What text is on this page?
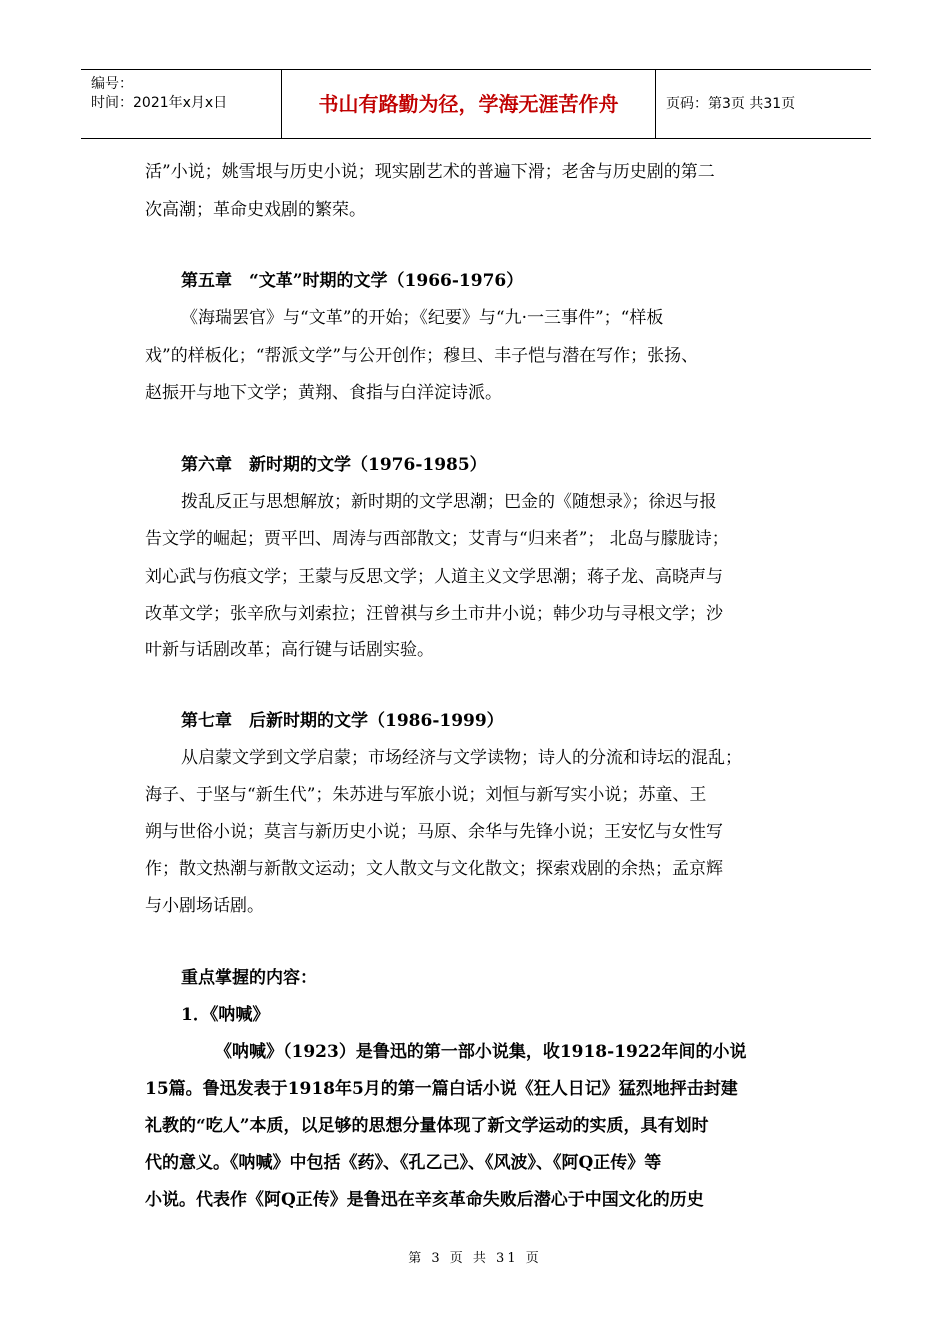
编号：
时间：2021年x月x日	书山有路勤为径，学海无涯苦作舟	页码：第3页 共31页
活”小说；姚雪垠与历史小说；现实剧艺术的普遍下滑；老舍与历史剧的第二
次高潮；革命史戏剧的繁荣。
第五章　“文革”时期的文学（1966-1976）
《海瑞罢官》与“文革”的开始；《纪要》与“九·一三事件”；“样板
戏”的样板化；“帮派文学”与公开创作；穆旦、丰子恺与潜在写作；张扬、
赵振开与地下文学；黄翔、食指与白洋淀诗派。
第六章　新时期的文学（1976-1985）
拨乱反正与思想解放；新时期的文学思潮；巴金的《随想录》；徐迟与报
告文学的崛起；贾平凹、周涛与西部散文；艾青与“归来者”； 北岛与朦胧诗；
刘心武与伤痕文学；王蒙与反思文学；人道主义文学思潮；蒋子龙、高晓声与
改革文学；张辛欣与刘索拉；汪曾祺与乡土市井小说；韩少功与寻根文学；沙
叶新与话剧改革；高行键与话剧实验。
第七章　后新时期的文学（1986-1999）
从启蒙文学到文学启蒙；市场经济与文学读物；诗人的分流和诗坛的混乱；
海子、于坚与“新生代”；朱苏进与军旅小说；刘恒与新写实小说；苏童、王
朔与世俗小说；莫言与新历史小说；马原、余华与先锋小说；王安忆与女性写
作；散文热潮与新散文运动；文人散文与文化散文；探索戏剧的余热；孟京辉
与小剧场话剧。
重点掌握的内容：
1．《呐喊》
《呐喊》（1923）是鲁迅的第一部小说集，收1918-1922年间的小说
15篇。鲁迅发表于1918年5月的第一篇白话小说《狂人日记》猛烈地抨击封建
礼教的“吃人”本质，以足够的思想分量体现了新文学运动的实质，具有划时
代的意义。《呐喊》中包括《药》、《孔乙己》、《风波》、《阿Q正传》等
小说。代表作《阿Q正传》是鲁迅在辛亥革命失败后潜心于中国文化的历史
第 3 页 共 31 页
